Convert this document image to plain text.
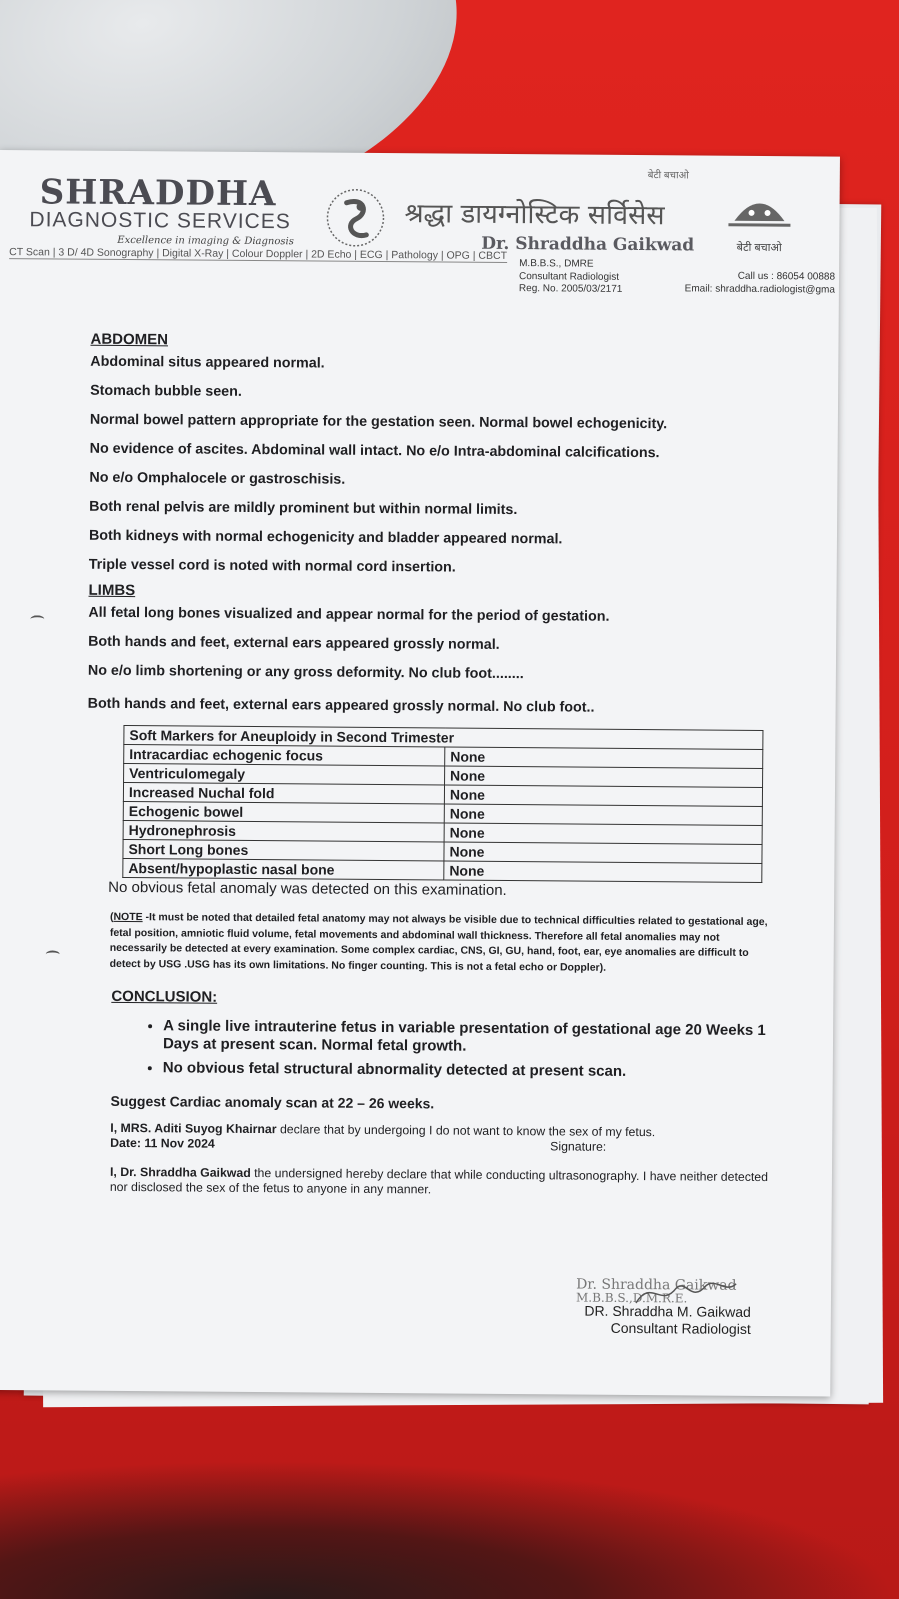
SHRADDHA
DIAGNOSTIC SERVICES
Excellence in imaging & Diagnosis
CT Scan | 3 D/ 4D Sonography | Digital X-Ray | Colour Doppler | 2D Echo | ECG | Pathology | OPG | CBCT
श्रद्धा डायग्नोस्टिक सर्विसेस
Dr. Shraddha Gaikwad
M.B.B.S., DMRE
Consultant Radiologist
Reg. No. 2005/03/2171
बेटी बचाओ
बेटी बचाओ
Call us : 86054 00888
Email: shraddha.radiologist@gma
ABDOMEN

Abdominal situs appeared normal.

Stomach bubble seen.

Normal bowel pattern appropriate for the gestation seen. Normal bowel echogenicity.

No evidence of ascites. Abdominal wall intact. No e/o Intra-abdominal calcifications.

No e/o Omphalocele or gastroschisis.

Both renal pelvis are mildly prominent but within normal limits.

Both kidneys with normal echogenicity and bladder appeared normal.

Triple vessel cord is noted with normal cord insertion.

LIMBS

All fetal long bones visualized and appear normal for the period of gestation.

Both hands and feet, external ears appeared grossly normal.

No e/o limb shortening or any gross deformity. No club foot........

Both hands and feet, external ears appeared grossly normal. No club foot..

Soft Markers for Aneuploidy in Second Trimester	
Intracardiac echogenic focus	None
Ventriculomegaly	None
Increased Nuchal fold	None
Echogenic bowel	None
Hydronephrosis	None
Short Long bones	None
Absent/hypoplastic nasal bone	None

No obvious fetal anomaly was detected on this examination.

(NOTE -It must be noted that detailed fetal anatomy may not always be visible due to technical difficulties related to gestational age, fetal position, amniotic fluid volume, fetal movements and abdominal wall thickness. Therefore all fetal anomalies may not necessarily be detected at every examination. Some complex cardiac, CNS, GI, GU, hand, foot, ear, eye anomalies are difficult to detect by USG .USG has its own limitations. No finger counting. This is not a fetal echo or Doppler).
CONCLUSION:
• A single live intrauterine fetus in variable presentation of gestational age 20 Weeks 1 Days at present scan. Normal fetal growth.
• No obvious fetal structural abnormality detected at present scan.
Suggest Cardiac anomaly scan at 22 – 26 weeks.
I, MRS. Aditi Suyog Khairnar declare that by undergoing I do not want to know the sex of my fetus.
Signature:
Date: 11 Nov 2024
I, Dr. Shraddha Gaikwad the undersigned hereby declare that while conducting ultrasonography. I have neither detected nor disclosed the sex of the fetus to anyone in any manner.
Dr. Shraddha Gaikwad
M.B.B.S.,D.M.R.E.
DR. Shraddha M. Gaikwad
Consultant Radiologist
